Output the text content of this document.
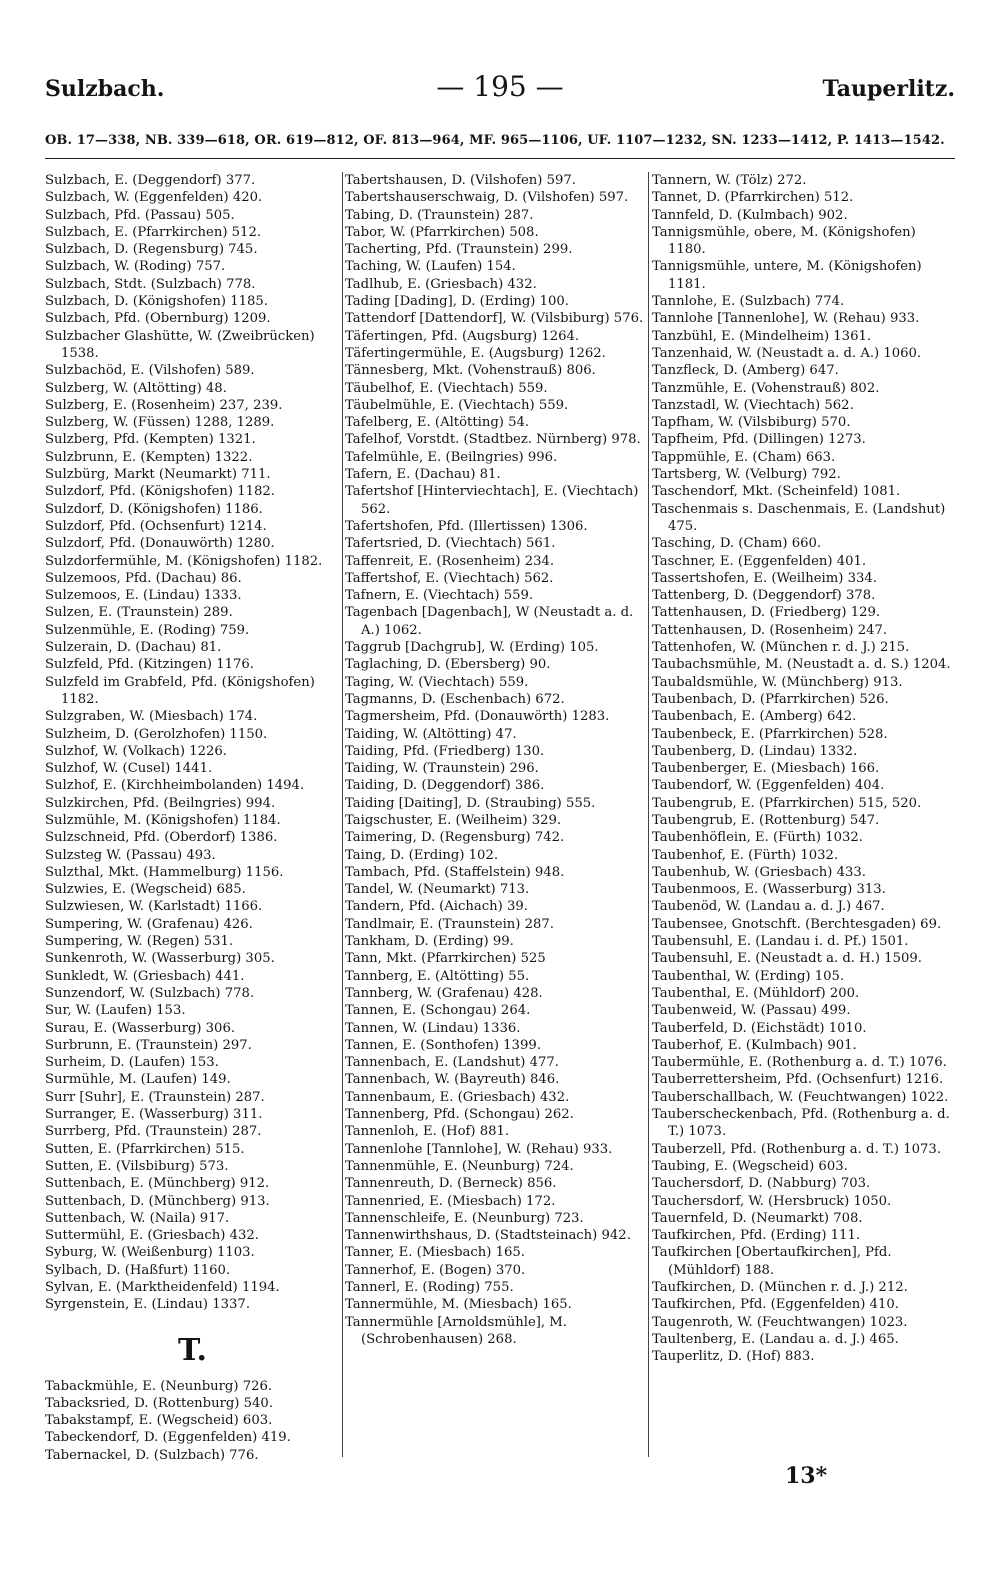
Sulzbach.	— 195 —	Tauperlitz.
OB. 17—338, NB. 339—618, OR. 619—812, OF. 813—964, MF. 965—1106, UF. 1107—1232, SN. 1233—1412, P. 1413—1542.
Sulzbach, E. (Deggendorf) 377.
Sulzbach, W. (Eggenfelden) 420.
Sulzbach, Pfd. (Passau) 505.
Sulzbach, E. (Pfarrkirchen) 512.
Sulzbach, D. (Regensburg) 745.
Sulzbach, W. (Roding) 757.
Sulzbach, Stdt. (Sulzbach) 778.
Sulzbach, D. (Königshofen) 1185.
Sulzbach, Pfd. (Obernburg) 1209.
Sulzbacher Glashütte, W. (Zweibrücken) 1538.
Sulzbachöd, E. (Vilshofen) 589.
Sulzberg, W. (Altötting) 48.
Sulzberg, E. (Rosenheim) 237, 239.
Sulzberg, W. (Füssen) 1288, 1289.
Sulzberg, Pfd. (Kempten) 1321.
Sulzbrunn, E. (Kempten) 1322.
Sulzbürg, Markt (Neumarkt) 711.
Sulzdorf, Pfd. (Königshofen) 1182.
Sulzdorf, D. (Königshofen) 1186.
Sulzdorf, Pfd. (Ochsenfurt) 1214.
Sulzdorf, Pfd. (Donauwörth) 1280.
Sulzdorfermühle, M. (Königshofen) 1182.
Sulzemoos, Pfd. (Dachau) 86.
Sulzemoos, E. (Lindau) 1333.
Sulzen, E. (Traunstein) 289.
Sulzenmühle, E. (Roding) 759.
Sulzerain, D. (Dachau) 81.
Sulzfeld, Pfd. (Kitzingen) 1176.
Sulzfeld im Grabfeld, Pfd. (Königshofen) 1182.
Sulzgraben, W. (Miesbach) 174.
Sulzheim, D. (Gerolzhofen) 1150.
Sulzhof, W. (Volkach) 1226.
Sulzhof, W. (Cusel) 1441.
Sulzhof, E. (Kirchheimbolanden) 1494.
Sulzkirchen, Pfd. (Beilngries) 994.
Sulzmühle, M. (Königshofen) 1184.
Sulzschneid, Pfd. (Oberdorf) 1386.
Sulzsteg W. (Passau) 493.
Sulzthal, Mkt. (Hammelburg) 1156.
Sulzwies, E. (Wegscheid) 685.
Sulzwiesen, W. (Karlstadt) 1166.
Sumpering, W. (Grafenau) 426.
Sumpering, W. (Regen) 531.
Sunkenroth, W. (Wasserburg) 305.
Sunkledt, W. (Griesbach) 441.
Sunzendorf, W. (Sulzbach) 778.
Sur, W. (Laufen) 153.
Surau, E. (Wasserburg) 306.
Surbrunn, E. (Traunstein) 297.
Surheim, D. (Laufen) 153.
Surmühle, M. (Laufen) 149.
Surr [Suhr], E. (Traunstein) 287.
Surranger, E. (Wasserburg) 311.
Surrberg, Pfd. (Traunstein) 287.
Sutten, E. (Pfarrkirchen) 515.
Sutten, E. (Vilsbiburg) 573.
Suttenbach, E. (Münchberg) 912.
Suttenbach, D. (Münchberg) 913.
Suttenbach, W. (Naila) 917.
Suttermühl, E. (Griesbach) 432.
Syburg, W. (Weißenburg) 1103.
Sylbach, D. (Haßfurt) 1160.
Sylvan, E. (Marktheidenfeld) 1194.
Syrgenstein, E. (Lindau) 1337.
T.
Tabackmühle, E. (Neunburg) 726.
Tabacksried, D. (Rottenburg) 540.
Tabakstampf, E. (Wegscheid) 603.
Tabeckendorf, D. (Eggenfelden) 419.
Tabernackel, D. (Sulzbach) 776.
Tabertshausen, D. (Vilshofen) 597.
Tabertshauserschwaig, D. (Vilshofen) 597.
Tabing, D. (Traunstein) 287.
Tabor, W. (Pfarrkirchen) 508.
Tacherting, Pfd. (Traunstein) 299.
Taching, W. (Laufen) 154.
Tadlhub, E. (Griesbach) 432.
Tading [Dading], D. (Erding) 100.
Tattendorf [Dattendorf], W. (Vilsbiburg) 576.
Täfertingen, Pfd. (Augsburg) 1264.
Täfertingermühle, E. (Augsburg) 1262.
Tännesberg, Mkt. (Vohenstrauß) 806.
Täubelhof, E. (Viechtach) 559.
Täubelmühle, E. (Viechtach) 559.
Tafelberg, E. (Altötting) 54.
Tafelhof, Vorstdt. (Stadtbez. Nürnberg) 978.
Tafelmühle, E. (Beilngries) 996.
Tafern, E. (Dachau) 81.
Tafertshof [Hinterviechtach], E. (Viechtach) 562.
Tafertshofen, Pfd. (Illertissen) 1306.
Tafertsried, D. (Viechtach) 561.
Taffenreit, E. (Rosenheim) 234.
Taffertshof, E. (Viechtach) 562.
Tafnern, E. (Viechtach) 559.
Tagenbach [Dagenbach], W (Neustadt a. d. A.) 1062.
Taggrub [Dachgrub], W. (Erding) 105.
Taglaching, D. (Ebersberg) 90.
Taging, W. (Viechtach) 559.
Tagmanns, D. (Eschenbach) 672.
Tagmersheim, Pfd. (Donauwörth) 1283.
Taiding, W. (Altötting) 47.
Taiding, Pfd. (Friedberg) 130.
Taiding, W. (Traunstein) 296.
Taiding, D. (Deggendorf) 386.
Taiding [Daiting], D. (Straubing) 555.
Taigschuster, E. (Weilheim) 329.
Taimering, D. (Regensburg) 742.
Taing, D. (Erding) 102.
Tambach, Pfd. (Staffelstein) 948.
Tandel, W. (Neumarkt) 713.
Tandern, Pfd. (Aichach) 39.
Tandlmair, E. (Traunstein) 287.
Tankham, D. (Erding) 99.
Tann, Mkt. (Pfarrkirchen) 525
Tannberg, E. (Altötting) 55.
Tannberg, W. (Grafenau) 428.
Tannen, E. (Schongau) 264.
Tannen, W. (Lindau) 1336.
Tannen, E. (Sonthofen) 1399.
Tannenbach, E. (Landshut) 477.
Tannenbach, W. (Bayreuth) 846.
Tannenbaum, E. (Griesbach) 432.
Tannenberg, Pfd. (Schongau) 262.
Tannenloh, E. (Hof) 881.
Tannenlohe [Tannlohe], W. (Rehau) 933.
Tannenmühle, E. (Neunburg) 724.
Tannenreuth, D. (Berneck) 856.
Tannenried, E. (Miesbach) 172.
Tannenschleife, E. (Neunburg) 723.
Tannenwirthshaus, D. (Stadtsteinach) 942.
Tanner, E. (Miesbach) 165.
Tannerhof, E. (Bogen) 370.
Tannerl, E. (Roding) 755.
Tannermühle, M. (Miesbach) 165.
Tannermühle [Arnoldsmühle], M. (Schrobenhausen) 268.
Tannern, W. (Tölz) 272.
Tannet, D. (Pfarrkirchen) 512.
Tannfeld, D. (Kulmbach) 902.
Tannigsmühle, obere, M. (Königshofen) 1180.
Tannigsmühle, untere, M. (Königshofen) 1181.
Tannlohe, E. (Sulzbach) 774.
Tannlohe [Tannenlohe], W. (Rehau) 933.
Tanzbühl, E. (Mindelheim) 1361.
Tanzenhaid, W. (Neustadt a. d. A.) 1060.
Tanzfleck, D. (Amberg) 647.
Tanzmühle, E. (Vohenstrauß) 802.
Tanzstadl, W. (Viechtach) 562.
Tapfham, W. (Vilsbiburg) 570.
Tapfheim, Pfd. (Dillingen) 1273.
Tappmühle, E. (Cham) 663.
Tartsberg, W. (Velburg) 792.
Taschendorf, Mkt. (Scheinfeld) 1081.
Taschenmais s. Daschenmais, E. (Landshut) 475.
Tasching, D. (Cham) 660.
Taschner, E. (Eggenfelden) 401.
Tassertshofen, E. (Weilheim) 334.
Tattenberg, D. (Deggendorf) 378.
Tattenhausen, D. (Friedberg) 129.
Tattenhausen, D. (Rosenheim) 247.
Tattenhofen, W. (München r. d. J.) 215.
Taubachsmühle, M. (Neustadt a. d. S.) 1204.
Taubaldsmühle, W. (Münchberg) 913.
Taubenbach, D. (Pfarrkirchen) 526.
Taubenbach, E. (Amberg) 642.
Taubenbeck, E. (Pfarrkirchen) 528.
Taubenberg, D. (Lindau) 1332.
Taubenberger, E. (Miesbach) 166.
Taubendorf, W. (Eggenfelden) 404.
Taubengrub, E. (Pfarrkirchen) 515, 520.
Taubengrub, E. (Rottenburg) 547.
Taubenhöflein, E. (Fürth) 1032.
Taubenhof, E. (Fürth) 1032.
Taubenhub, W. (Griesbach) 433.
Taubenmoos, E. (Wasserburg) 313.
Taubenöd, W. (Landau a. d. J.) 467.
Taubensee, Gnotschft. (Berchtesgaden) 69.
Taubensuhl, E. (Landau i. d. Pf.) 1501.
Taubensuhl, E. (Neustadt a. d. H.) 1509.
Taubenthal, W. (Erding) 105.
Taubenthal, E. (Mühldorf) 200.
Taubenweid, W. (Passau) 499.
Tauberfeld, D. (Eichstädt) 1010.
Tauberhof, E. (Kulmbach) 901.
Taubermühle, E. (Rothenburg a. d. T.) 1076.
Tauberrettersheim, Pfd. (Ochsenfurt) 1216.
Tauberschallbach, W. (Feuchtwangen) 1022.
Tauberscheckenbach, Pfd. (Rothenburg a. d. T.) 1073.
Tauberzell, Pfd. (Rothenburg a. d. T.) 1073.
Taubing, E. (Wegscheid) 603.
Tauchersdorf, D. (Nabburg) 703.
Tauchersdorf, W. (Hersbruck) 1050.
Tauernfeld, D. (Neumarkt) 708.
Taufkirchen, Pfd. (Erding) 111.
Taufkirchen [Obertaufkirchen], Pfd. (Mühldorf) 188.
Taufkirchen, D. (München r. d. J.) 212.
Taufkirchen, Pfd. (Eggenfelden) 410.
Taugenroth, W. (Feuchtwangen) 1023.
Taultenberg, E. (Landau a. d. J.) 465.
Tauperlitz, D. (Hof) 883.
13*
